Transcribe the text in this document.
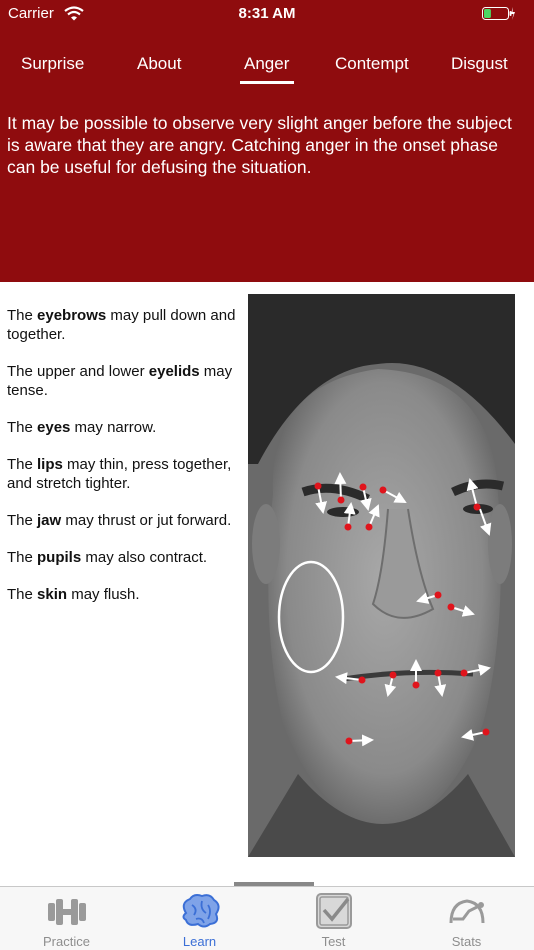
Carrier	8:31 AM
Surprise	About	Anger	Contempt Disgust

It may be possible to observe very slight anger before the subject is aware that they are angry. Catching anger in the onset phase can be useful for defusing the situation.

The eyebrows may pull down and together.

The upper and lower eyelids may tense.

The eyes may narrow.

The lips may thin, press together, and stretch tighter.

The jaw may thrust or jut forward.

The pupils may also contract.

The skin may flush.

Practice	Learn	Test	Stats
